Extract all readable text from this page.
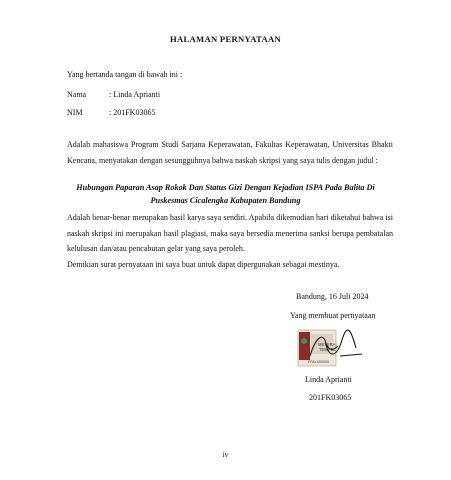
HALAMAN PERNYATAAN
Yang bertanda tangan di bawah ini :
Nama	: Linda Aprianti
NIM	: 201FK03065
Adalah mahasiswa Program Studi Sarjana Keperawatan, Fakultas Keperawatan, Universitas Bhakti Kencana, menyatakan dengan sesungguhnya bahwa naskah skripsi yang saya tulis dengan judul :
Hubungan Paparan Asap Rokok Dan Status Gizi Dengan Kejadian ISPA Pada Balita Di
Puskesmas Cicalengka Kabupaten Bandung
Adalah benar-benar merupakan hasil karya saya sendiri. Apabila dikemudian hari diketahui bahwa isi naskah skripsi ini merupakan hasil plagiasi, maka saya bersedia menerima sanksi berupa pembatalan kelulusan dan/atau pencabutan gelar yang saya peroleh.
Demikian surat pernyataan ini saya buat untuk dapat dipergunakan sebagai mestinya.
Bandung, 16 Juli 2024
Yang membuat pernyataan
METERAI
TEMPEL
FFALX00000
Linda Aprianti
201FK03065
iv
